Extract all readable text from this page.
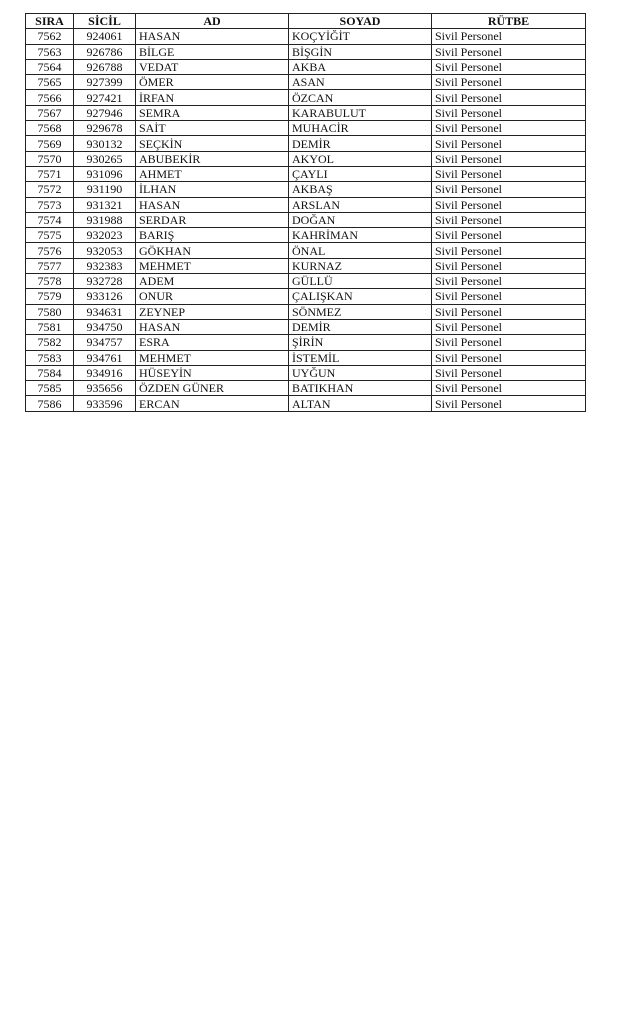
SIRA	SİCİL	AD	SOYAD	RÜTBE
7562	924061	HASAN	KOÇYİĞİT	Sivil Personel
7563	926786	BİLGE	BİŞGİN	Sivil Personel
7564	926788	VEDAT	AKBA	Sivil Personel
7565	927399	ÖMER	ASAN	Sivil Personel
7566	927421	İRFAN	ÖZCAN	Sivil Personel
7567	927946	SEMRA	KARABULUT	Sivil Personel
7568	929678	SAİT	MUHACİR	Sivil Personel
7569	930132	SEÇKİN	DEMİR	Sivil Personel
7570	930265	ABUBEKİR	AKYOL	Sivil Personel
7571	931096	AHMET	ÇAYLI	Sivil Personel
7572	931190	İLHAN	AKBAŞ	Sivil Personel
7573	931321	HASAN	ARSLAN	Sivil Personel
7574	931988	SERDAR	DOĞAN	Sivil Personel
7575	932023	BARIŞ	KAHRİMAN	Sivil Personel
7576	932053	GÖKHAN	ÖNAL	Sivil Personel
7577	932383	MEHMET	KURNAZ	Sivil Personel
7578	932728	ADEM	GÜLLÜ	Sivil Personel
7579	933126	ONUR	ÇALIŞKAN	Sivil Personel
7580	934631	ZEYNEP	SÖNMEZ	Sivil Personel
7581	934750	HASAN	DEMİR	Sivil Personel
7582	934757	ESRA	ŞİRİN	Sivil Personel
7583	934761	MEHMET	İSTEMİL	Sivil Personel
7584	934916	HÜSEYİN	UYĞUN	Sivil Personel
7585	935656	ÖZDEN GÜNER	BATIKHAN	Sivil Personel
7586	933596	ERCAN	ALTAN	Sivil Personel
